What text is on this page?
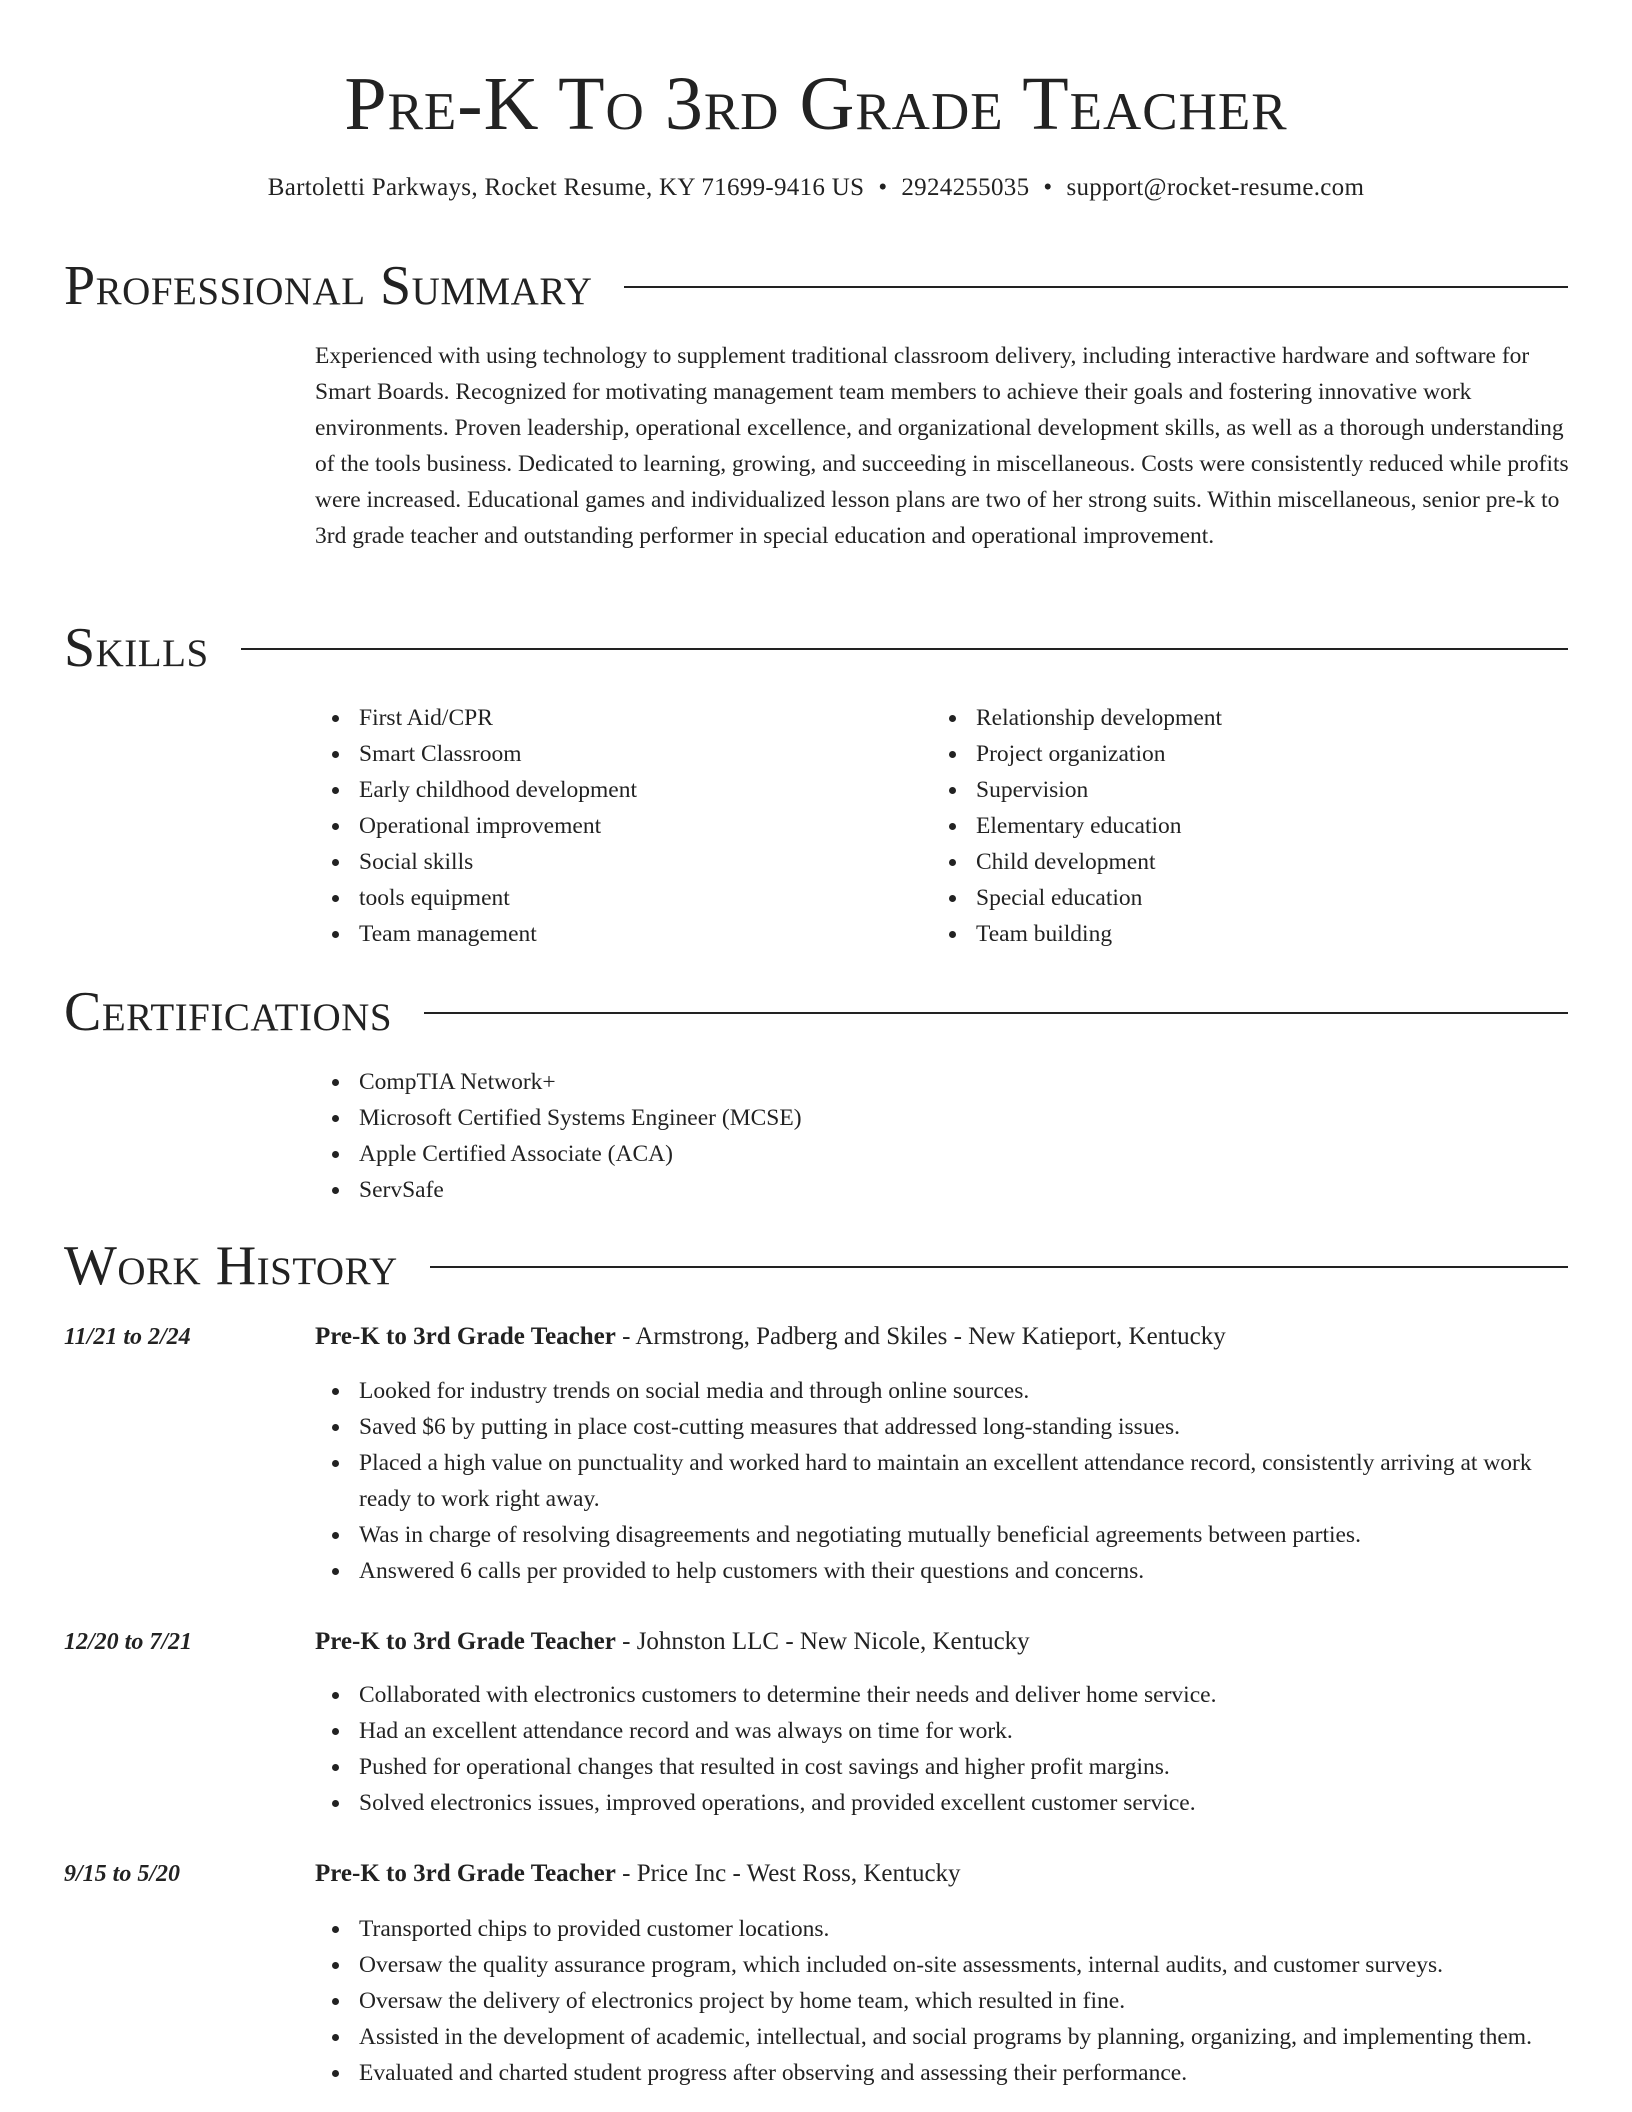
Pre-K To 3rd Grade Teacher
Bartoletti Parkways, Rocket Resume, KY 71699-9416 US • 2924255035 • support@rocket-resume.com
Professional Summary
Experienced with using technology to supplement traditional classroom delivery, including interactive hardware and software for Smart Boards. Recognized for motivating management team members to achieve their goals and fostering innovative work environments. Proven leadership, operational excellence, and organizational development skills, as well as a thorough understanding of the tools business. Dedicated to learning, growing, and succeeding in miscellaneous. Costs were consistently reduced while profits were increased. Educational games and individualized lesson plans are two of her strong suits. Within miscellaneous, senior pre-k to 3rd grade teacher and outstanding performer in special education and operational improvement.
Skills
First Aid/CPR
Smart Classroom
Early childhood development
Operational improvement
Social skills
tools equipment
Team management
Relationship development
Project organization
Supervision
Elementary education
Child development
Special education
Team building
Certifications
CompTIA Network+
Microsoft Certified Systems Engineer (MCSE)
Apple Certified Associate (ACA)
ServSafe
Work History
11/21 to 2/24	Pre-K to 3rd Grade Teacher - Armstrong, Padberg and Skiles - New Katieport, Kentucky
Looked for industry trends on social media and through online sources.
Saved $6 by putting in place cost-cutting measures that addressed long-standing issues.
Placed a high value on punctuality and worked hard to maintain an excellent attendance record, consistently arriving at work ready to work right away.
Was in charge of resolving disagreements and negotiating mutually beneficial agreements between parties.
Answered 6 calls per provided to help customers with their questions and concerns.
12/20 to 7/21	Pre-K to 3rd Grade Teacher - Johnston LLC - New Nicole, Kentucky
Collaborated with electronics customers to determine their needs and deliver home service.
Had an excellent attendance record and was always on time for work.
Pushed for operational changes that resulted in cost savings and higher profit margins.
Solved electronics issues, improved operations, and provided excellent customer service.
9/15 to 5/20	Pre-K to 3rd Grade Teacher - Price Inc - West Ross, Kentucky
Transported chips to provided customer locations.
Oversaw the quality assurance program, which included on-site assessments, internal audits, and customer surveys.
Oversaw the delivery of electronics project by home team, which resulted in fine.
Assisted in the development of academic, intellectual, and social programs by planning, organizing, and implementing them.
Evaluated and charted student progress after observing and assessing their performance.
